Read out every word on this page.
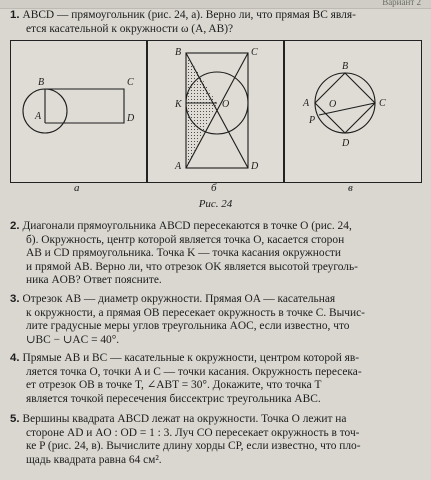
Вариант 2
1. ABCD — прямоугольник (рис. 24, а). Верно ли, что прямая BC явля-
ется касательной к окружности ω (A, AB)?
B	C
A	D
B	C
K	O
A	D
B
A O	C
P
D
а	б	в
Рис. 24
2. Диагонали прямоугольника ABCD пересекаются в точке O (рис. 24,
б). Окружность, центр которой является точка O, касается сторон
AB и CD прямоугольника. Точка K — точка касания окружности
и прямой AB. Верно ли, что отрезок OK является высотой треуголь-
ника AOB? Ответ поясните.
3. Отрезок AB — диаметр окружности. Прямая OA — касательная
к окружности, а прямая OB пересекает окружность в точке C. Вычис-
лите градусные меры углов треугольника AOC, если известно, что
∪BC − ∪AC = 40°.
4. Прямые AB и BC — касательные к окружности, центром которой яв-
ляется точка O, точки A и C — точки касания. Окружность пересека-
ет отрезок OB в точке T, ∠ABT = 30°. Докажите, что точка T
является точкой пересечения биссектрис треугольника ABC.
5. Вершины квадрата ABCD лежат на окружности. Точка O лежит на
стороне AD и AO : OD = 1 : 3. Луч CO пересекает окружность в точ-
ке P (рис. 24, в). Вычислите длину хорды CP, если известно, что пло-
щадь квадрата равна 64 см².
